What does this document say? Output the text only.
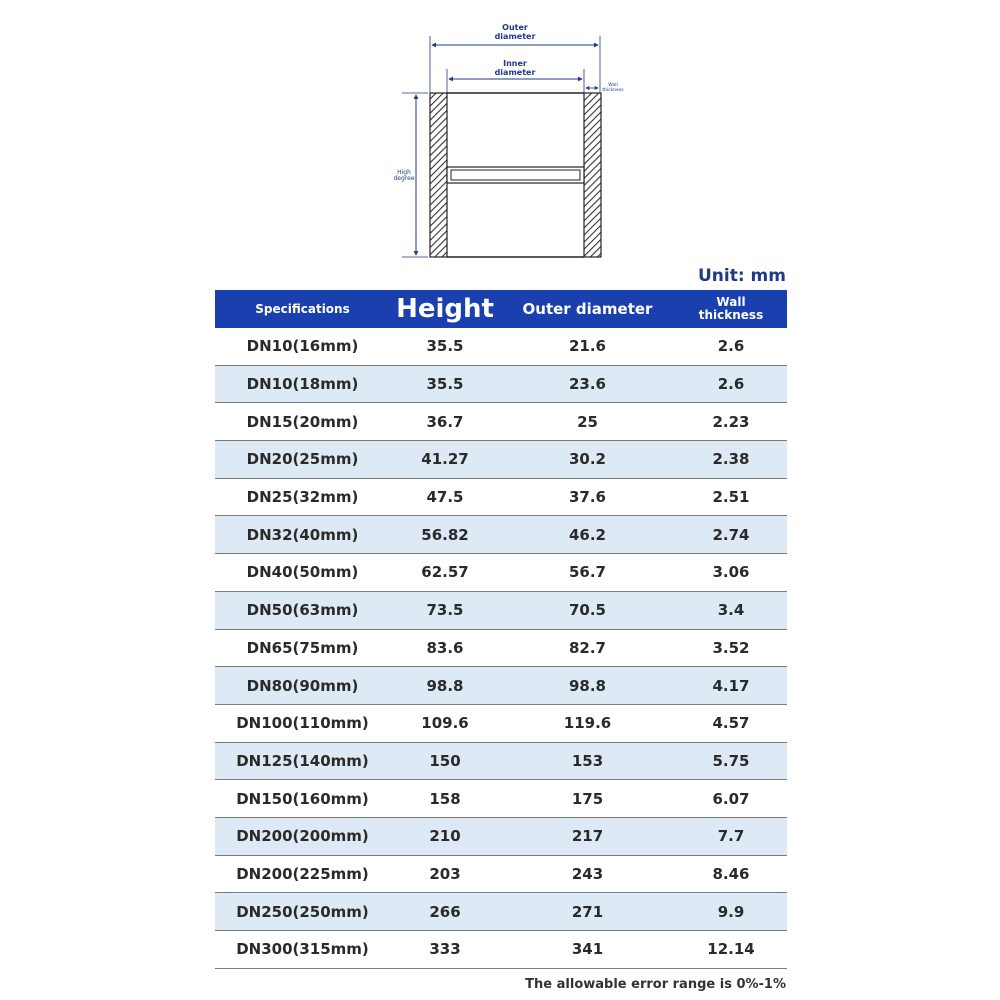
Outer
diameter
Inner
diameter
Wall
thickness
High
degree
Unit: mm
Specifications	Height	Outer diameter	Wall
thickness
DN10(16mm)	35.5	21.6	2.6
DN10(18mm)	35.5	23.6	2.6
DN15(20mm)	36.7	25	2.23
DN20(25mm)	41.27	30.2	2.38
DN25(32mm)	47.5	37.6	2.51
DN32(40mm)	56.82	46.2	2.74
DN40(50mm)	62.57	56.7	3.06
DN50(63mm)	73.5	70.5	3.4
DN65(75mm)	83.6	82.7	3.52
DN80(90mm)	98.8	98.8	4.17
DN100(110mm)	109.6	119.6	4.57
DN125(140mm)	150	153	5.75
DN150(160mm)	158	175	6.07
DN200(200mm)	210	217	7.7
DN200(225mm)	203	243	8.46
DN250(250mm)	266	271	9.9
DN300(315mm)	333	341	12.14
The allowable error range is 0%-1%
